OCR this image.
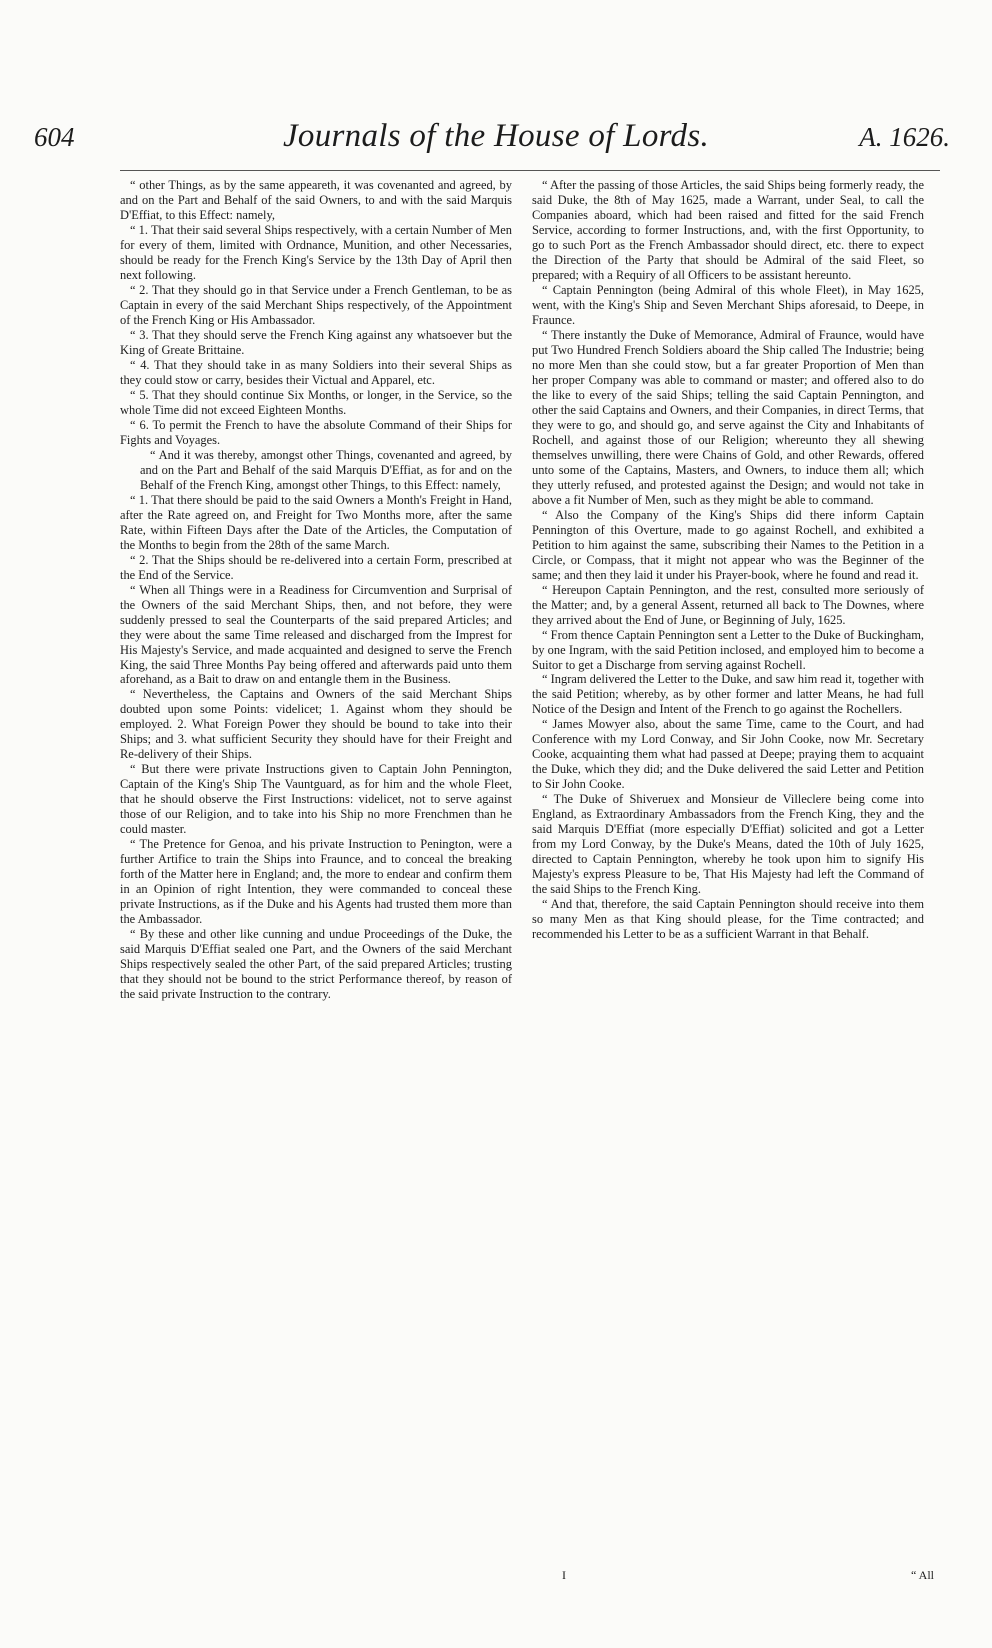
604	Journals of the House of Lords.	A. 1626.

“ other Things, as by the same appeareth, it was covenanted and agreed, by and on the Part and Behalf of the said Owners, to and with the said Marquis D'Effiat, to this Effect: namely,

“ 1. That their said several Ships respectively, with a certain Number of Men for every of them, limited with Ordnance, Munition, and other Necessaries, should be ready for the French King's Service by the 13th Day of April then next following.

“ 2. That they should go in that Service under a French Gentleman, to be as Captain in every of the said Merchant Ships respectively, of the Appointment of the French King or His Ambassador.

“ 3. That they should serve the French King against any whatsoever but the King of Greate Brittaine.

“ 4. That they should take in as many Soldiers into their several Ships as they could stow or carry, besides their Victual and Apparel, etc.

“ 5. That they should continue Six Months, or longer, in the Service, so the whole Time did not exceed Eighteen Months.

“ 6. To permit the French to have the absolute Command of their Ships for Fights and Voyages.

“ And it was thereby, amongst other Things, covenanted and agreed, by and on the Part and Behalf of the said Marquis D'Effiat, as for and on the Behalf of the French King, amongst other Things, to this Effect: namely,

“ 1. That there should be paid to the said Owners a Month's Freight in Hand, after the Rate agreed on, and Freight for Two Months more, after the same Rate, within Fifteen Days after the Date of the Articles, the Computation of the Months to begin from the 28th of the same March.

“ 2. That the Ships should be re-delivered into a certain Form, prescribed at the End of the Service.

“ When all Things were in a Readiness for Circumvention and Surprisal of the Owners of the said Merchant Ships, then, and not before, they were suddenly pressed to seal the Counterparts of the said prepared Articles; and they were about the same Time released and discharged from the Imprest for His Majesty's Service, and made acquainted and designed to serve the French King, the said Three Months Pay being offered and afterwards paid unto them aforehand, as a Bait to draw on and entangle them in the Business.

“ Nevertheless, the Captains and Owners of the said Merchant Ships doubted upon some Points: videlicet; 1. Against whom they should be employed. 2. What Foreign Power they should be bound to take into their Ships; and 3. what sufficient Security they should have for their Freight and Re-delivery of their Ships.

“ But there were private Instructions given to Captain John Pennington, Captain of the King's Ship The Vauntguard, as for him and the whole Fleet, that he should observe the First Instructions: videlicet, not to serve against those of our Religion, and to take into his Ship no more Frenchmen than he could master.

“ The Pretence for Genoa, and his private Instruction to Penington, were a further Artifice to train the Ships into Fraunce, and to conceal the breaking forth of the Matter here in England; and, the more to endear and confirm them in an Opinion of right Intention, they were commanded to conceal these private Instructions, as if the Duke and his Agents had trusted them more than the Ambassador.

“ By these and other like cunning and undue Proceedings of the Duke, the said Marquis D'Effiat sealed one Part, and the Owners of the said Merchant Ships respectively sealed the other Part, of the said prepared Articles; trusting that they should not be bound to the strict Performance thereof, by reason of the said private Instruction to the contrary.

“ After the passing of those Articles, the said Ships being formerly ready, the said Duke, the 8th of May 1625, made a Warrant, under Seal, to call the Companies aboard, which had been raised and fitted for the said French Service, according to former Instructions, and, with the first Opportunity, to go to such Port as the French Ambassador should direct, etc. there to expect the Direction of the Party that should be Admiral of the said Fleet, so prepared; with a Requiry of all Officers to be assistant hereunto.

“ Captain Pennington (being Admiral of this whole Fleet), in May 1625, went, with the King's Ship and Seven Merchant Ships aforesaid, to Deepe, in Fraunce.

“ There instantly the Duke of Memorance, Admiral of Fraunce, would have put Two Hundred French Soldiers aboard the Ship called The Industrie; being no more Men than she could stow, but a far greater Proportion of Men than her proper Company was able to command or master; and offered also to do the like to every of the said Ships; telling the said Captain Pennington, and other the said Captains and Owners, and their Companies, in direct Terms, that they were to go, and should go, and serve against the City and Inhabitants of Rochell, and against those of our Religion; whereunto they all shewing themselves unwilling, there were Chains of Gold, and other Rewards, offered unto some of the Captains, Masters, and Owners, to induce them all; which they utterly refused, and protested against the Design; and would not take in above a fit Number of Men, such as they might be able to command.

“ Also the Company of the King's Ships did there inform Captain Pennington of this Overture, made to go against Rochell, and exhibited a Petition to him against the same, subscribing their Names to the Petition in a Circle, or Compass, that it might not appear who was the Beginner of the same; and then they laid it under his Prayer-book, where he found and read it.

“ Hereupon Captain Pennington, and the rest, consulted more seriously of the Matter; and, by a general Assent, returned all back to The Downes, where they arrived about the End of June, or Beginning of July, 1625.

“ From thence Captain Pennington sent a Letter to the Duke of Buckingham, by one Ingram, with the said Petition inclosed, and employed him to become a Suitor to get a Discharge from serving against Rochell.

“ Ingram delivered the Letter to the Duke, and saw him read it, together with the said Petition; whereby, as by other former and latter Means, he had full Notice of the Design and Intent of the French to go against the Rochellers.

“ James Mowyer also, about the same Time, came to the Court, and had Conference with my Lord Conway, and Sir John Cooke, now Mr. Secretary Cooke, acquainting them what had passed at Deepe; praying them to acquaint the Duke, which they did; and the Duke delivered the said Letter and Petition to Sir John Cooke.

“ The Duke of Shiveruex and Monsieur de Villeclere being come into England, as Extraordinary Ambassadors from the French King, they and the said Marquis D'Effiat (more especially D'Effiat) solicited and got a Letter from my Lord Conway, by the Duke's Means, dated the 10th of July 1625, directed to Captain Pennington, whereby he took upon him to signify His Majesty's express Pleasure to be, That His Majesty had left the Command of the said Ships to the French King.

“ And that, therefore, the said Captain Pennington should receive into them so many Men as that King should please, for the Time contracted; and recommended his Letter to be as a sufficient Warrant in that Behalf.

I	“ All
